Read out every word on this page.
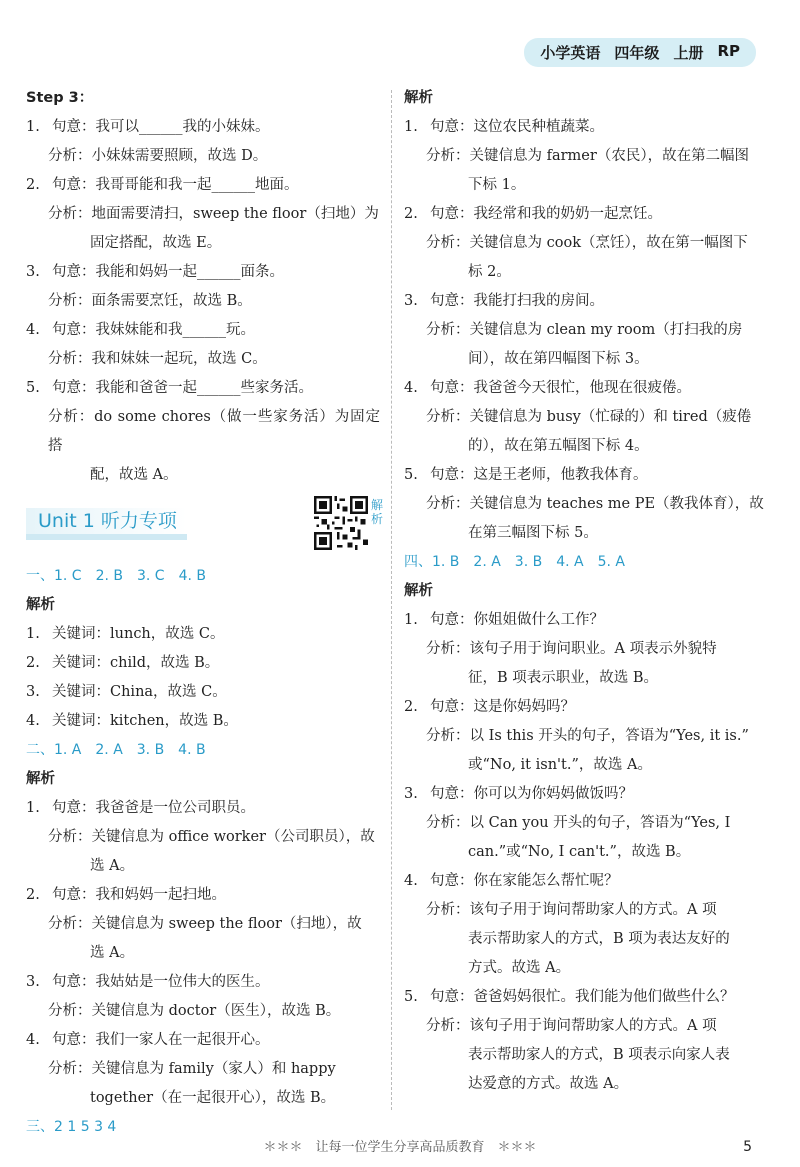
小学英语 四年级 上册 RP
Step 3：
1. 句意：我可以______我的小妹妹。
分析：小妹妹需要照顾，故选 D。
2. 句意：我哥哥能和我一起______地面。
分析：地面需要清扫，sweep the floor（扫地）为
固定搭配，故选 E。
3. 句意：我能和妈妈一起______面条。
分析：面条需要烹饪，故选 B。
4. 句意：我妹妹能和我______玩。
分析：我和妹妹一起玩，故选 C。
5. 句意：我能和爸爸一起______些家务活。
分析：do some chores（做一些家务活）为固定搭
配，故选 A。
Unit 1 听力专项
解析
一、1. C　2. B　3. C　4. B
解析
1. 关键词：lunch，故选 C。
2. 关键词：child，故选 B。
3. 关键词：China，故选 C。
4. 关键词：kitchen，故选 B。
二、1. A　2. A　3. B　4. B
解析
1. 句意：我爸爸是一位公司职员。
分析：关键信息为 office worker（公司职员），故
选 A。
2. 句意：我和妈妈一起扫地。
分析：关键信息为 sweep the floor（扫地），故
选 A。
3. 句意：我姑姑是一位伟大的医生。
分析：关键信息为 doctor（医生），故选 B。
4. 句意：我们一家人在一起很开心。
分析：关键信息为 family（家人）和 happy
together（在一起很开心），故选 B。
三、2 1 5 3 4
解析
1. 句意：这位农民种植蔬菜。
分析：关键信息为 farmer（农民），故在第二幅图
下标 1。
2. 句意：我经常和我的奶奶一起烹饪。
分析：关键信息为 cook（烹饪），故在第一幅图下
标 2。
3. 句意：我能打扫我的房间。
分析：关键信息为 clean my room（打扫我的房
间），故在第四幅图下标 3。
4. 句意：我爸爸今天很忙，他现在很疲倦。
分析：关键信息为 busy（忙碌的）和 tired（疲倦
的），故在第五幅图下标 4。
5. 句意：这是王老师，他教我体育。
分析：关键信息为 teaches me PE（教我体育），故
在第三幅图下标 5。
四、1. B　2. A　3. B　4. A　5. A
解析
1. 句意：你姐姐做什么工作？
分析：该句子用于询问职业。A 项表示外貌特
征，B 项表示职业，故选 B。
2. 句意：这是你妈妈吗？
分析：以 Is this 开头的句子，答语为“Yes, it is.”
或“No, it isn't.”，故选 A。
3. 句意：你可以为你妈妈做饭吗？
分析：以 Can you 开头的句子，答语为“Yes, I
can.”或“No, I can't.”，故选 B。
4. 句意：你在家能怎么帮忙呢？
分析：该句子用于询问帮助家人的方式。A 项
表示帮助家人的方式，B 项为表达友好的
方式。故选 A。
5. 句意：爸爸妈妈很忙。我们能为他们做些什么？
分析：该句子用于询问帮助家人的方式。A 项
表示帮助家人的方式，B 项表示向家人表
达爱意的方式。故选 A。
＊＊＊　让每一位学生分享高品质教育　＊＊＊	5
